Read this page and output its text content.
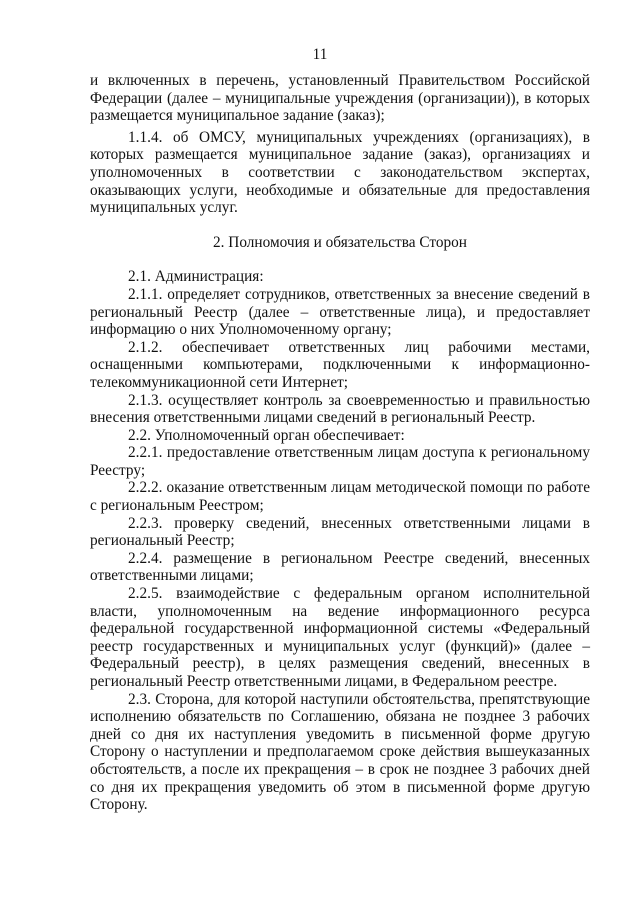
11

и включенных в перечень, установленный Правительством Российской Федерации (далее – муниципальные учреждения (организации)), в которых размещается муниципальное задание (заказ);

1.1.4. об ОМСУ, муниципальных учреждениях (организациях), в которых размещается муниципальное задание (заказ), организациях и уполномоченных в соответствии с законодательством экспертах, оказывающих услуги, необходимые и обязательные для предоставления муниципальных услуг.

2. Полномочия и обязательства Сторон

2.1. Администрация:

2.1.1. определяет сотрудников, ответственных за внесение сведений в региональный Реестр (далее – ответственные лица), и предоставляет информацию о них Уполномоченному органу;

2.1.2. обеспечивает ответственных лиц рабочими местами, оснащенными компьютерами, подключенными к информационно-телекоммуникационной сети Интернет;

2.1.3. осуществляет контроль за своевременностью и правильностью внесения ответственными лицами сведений в региональный Реестр.

2.2. Уполномоченный орган обеспечивает:

2.2.1. предоставление ответственным лицам доступа к региональному Реестру;

2.2.2. оказание ответственным лицам методической помощи по работе с региональным Реестром;

2.2.3. проверку сведений, внесенных ответственными лицами в региональный Реестр;

2.2.4. размещение в региональном Реестре сведений, внесенных ответственными лицами;

2.2.5. взаимодействие с федеральным органом исполнительной власти, уполномоченным на ведение информационного ресурса федеральной государственной информационной системы «Федеральный реестр государственных и муниципальных услуг (функций)» (далее – Федеральный реестр), в целях размещения сведений, внесенных в региональный Реестр ответственными лицами, в Федеральном реестре.

2.3. Сторона, для которой наступили обстоятельства, препятствующие исполнению обязательств по Соглашению, обязана не позднее 3 рабочих дней со дня их наступления уведомить в письменной форме другую Сторону о наступлении и предполагаемом сроке действия вышеуказанных обстоятельств, а после их прекращения – в срок не позднее 3 рабочих дней со дня их прекращения уведомить об этом в письменной форме другую Сторону.
